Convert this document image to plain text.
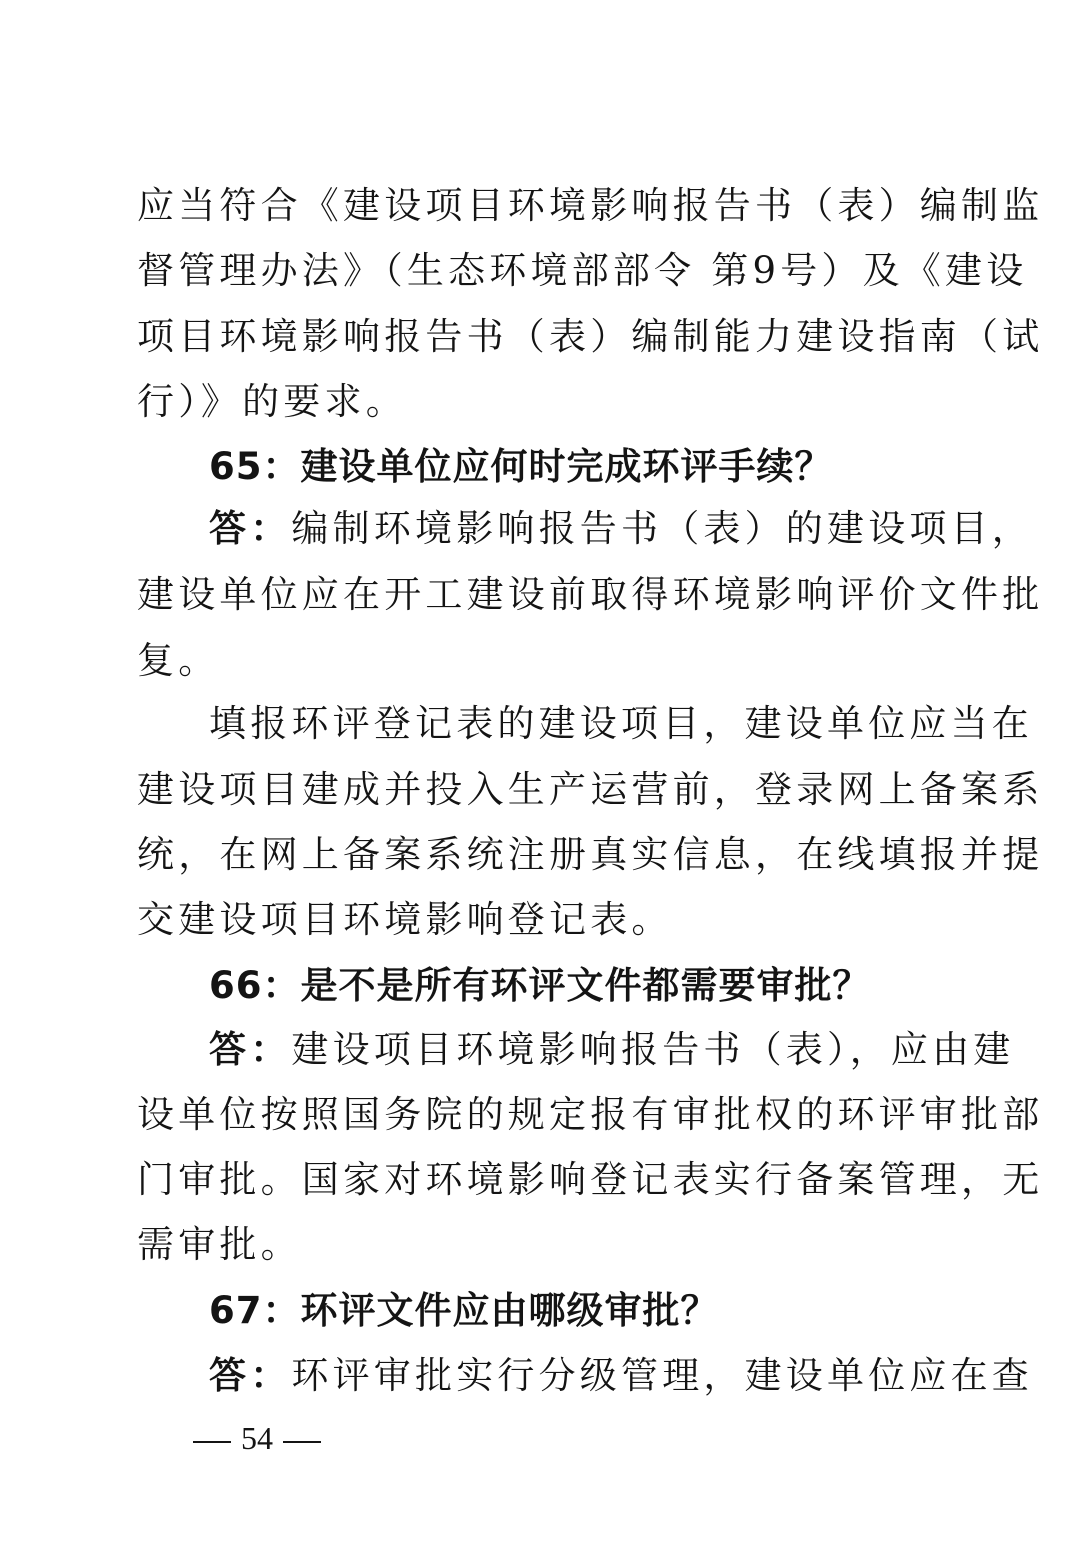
应当符合《建设项目环境影响报告书（表）编制监
督管理办法》（生态环境部部令 第9号）及《建设
项目环境影响报告书（表）编制能力建设指南（试
行）》的要求。
65：建设单位应何时完成环评手续？
答：编制环境影响报告书（表）的建设项目，
建设单位应在开工建设前取得环境影响评价文件批
复。
填报环评登记表的建设项目，建设单位应当在
建设项目建成并投入生产运营前，登录网上备案系
统，在网上备案系统注册真实信息，在线填报并提
交建设项目环境影响登记表。
66：是不是所有环评文件都需要审批？
答：建设项目环境影响报告书（表），应由建
设单位按照国务院的规定报有审批权的环评审批部
门审批。国家对环境影响登记表实行备案管理，无
需审批。
67：环评文件应由哪级审批？
答：环评审批实行分级管理，建设单位应在查
54
